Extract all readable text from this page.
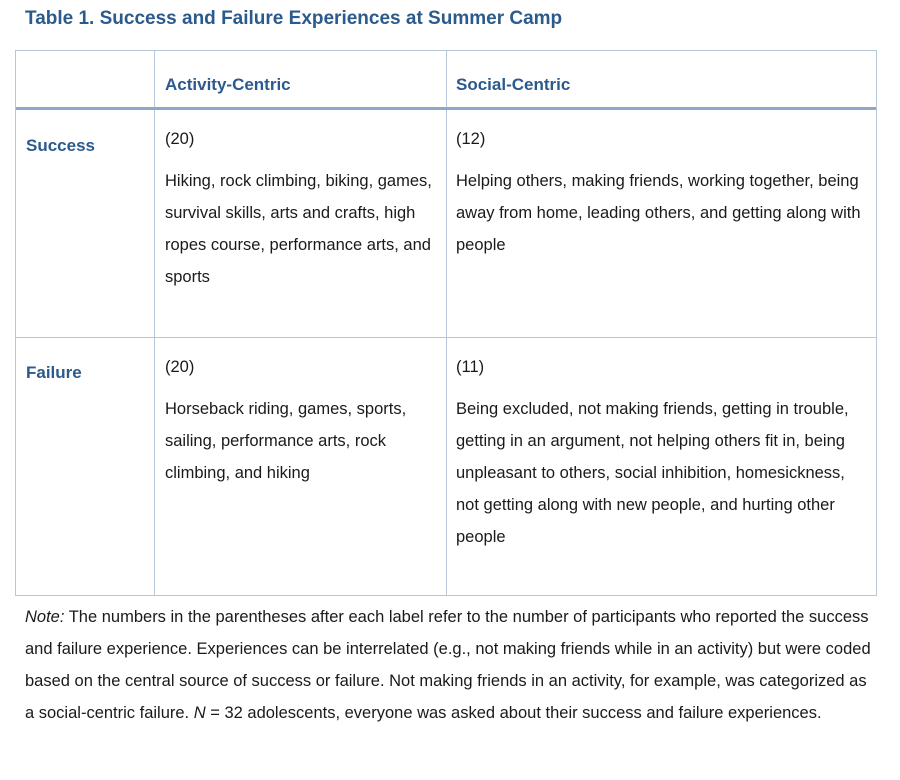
Table 1. Success and Failure Experiences at Summer Camp
Activity-Centric	Social-Centric
Success
Failure
(20)
Hiking, rock climbing, biking, games, survival skills, arts and crafts, high ropes course, performance arts, and sports
(12)
Helping others, making friends, working together, being away from home, leading others, and getting along with people
(20)
Horseback riding, games, sports, sailing, performance arts, rock climbing, and hiking
(11)
Being excluded, not making friends, getting in trouble, getting in an argument, not helping others fit in, being unpleasant to others, social inhibition, homesickness, not getting along with new people, and hurting other people
Note: The numbers in the parentheses after each label refer to the number of participants who reported the success and failure experience. Experiences can be interrelated (e.g., not making friends while in an activity) but were coded based on the central source of success or failure. Not making friends in an activity, for example, was categorized as a social-centric failure. N = 32 adolescents, everyone was asked about their success and failure experiences.
